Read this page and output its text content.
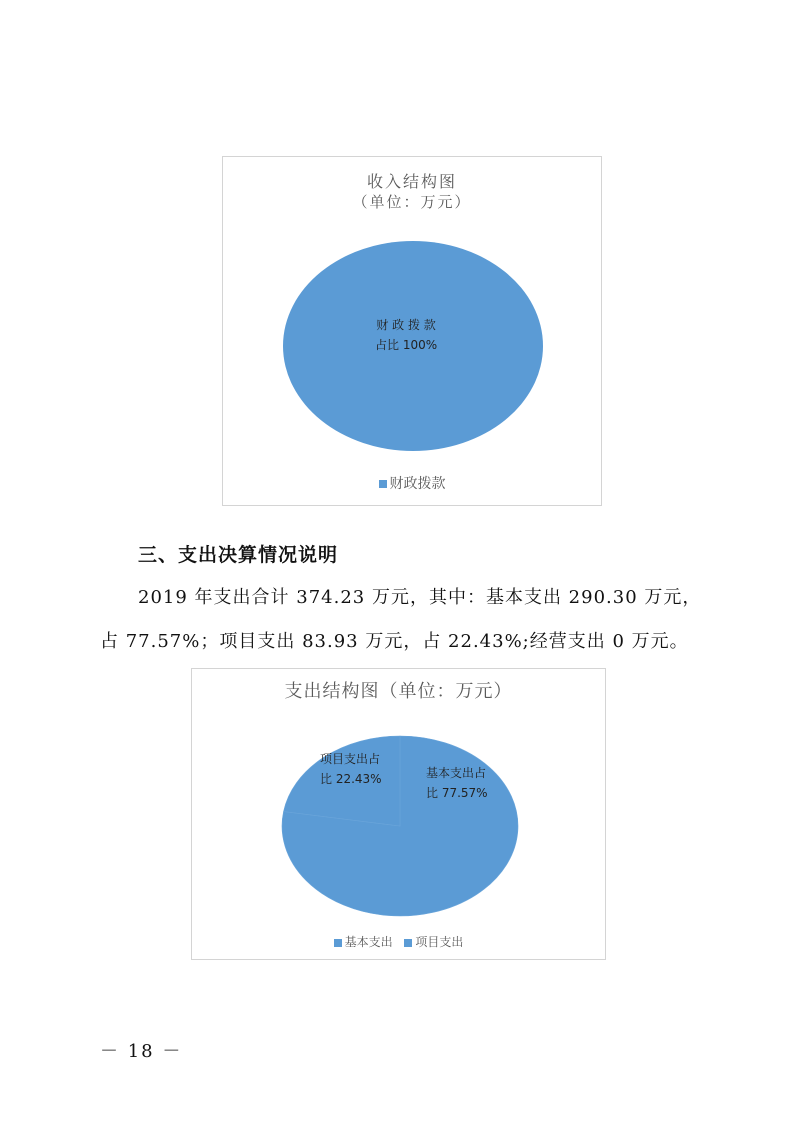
收入结构图
（单位：万元）
财 政 拨 款
占比 100%
财政拨款
三、支出决算情况说明
2019 年支出合计 374.23 万元，其中：基本支出 290.30 万元，
占 77.57%；项目支出 83.93 万元，占 22.43%;经营支出 0 万元。
支出结构图（单位：万元）
基本支出占
比 77.57%
项目支出占
比 22.43%
基本支出 项目支出
－ 18 －
